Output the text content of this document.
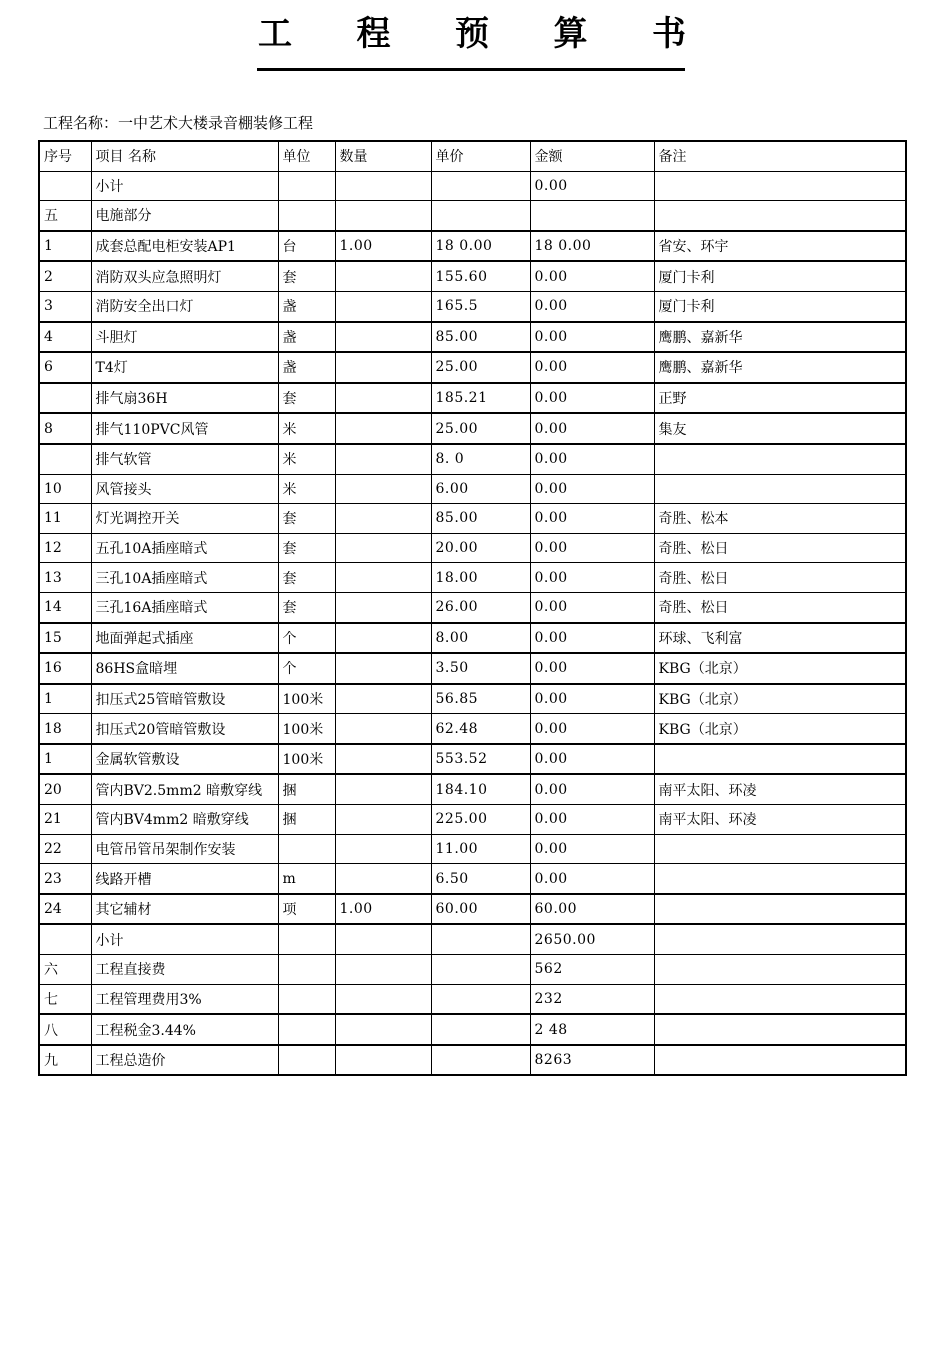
工 程 预 算 书
工程名称：一中艺术大楼录音棚装修工程
序号	项目 名称	单位	数量	单价	金额	备注
	小计				0.00	
五	电施部分					
1	成套总配电柜安装AP1	台	1.00	18 0.00	18 0.00	省安、环宇
2	消防双头应急照明灯	套		155.60	0.00	厦门卡利
3	消防安全出口灯	盏		165.5	0.00	厦门卡利
4	斗胆灯	盏		85.00	0.00	鹰鹏、嘉新华
6	T4灯	盏		25.00	0.00	鹰鹏、嘉新华
	排气扇36H	套		185.21	0.00	正野
8	排气110PVC风管	米		25.00	0.00	集友
	排气软管	米		8. 0	0.00	
10	风管接头	米		6.00	0.00	
11	灯光调控开关	套		85.00	0.00	奇胜、松本
12	五孔10A插座暗式	套		20.00	0.00	奇胜、松日
13	三孔10A插座暗式	套		18.00	0.00	奇胜、松日
14	三孔16A插座暗式	套		26.00	0.00	奇胜、松日
15	地面弹起式插座	个		8.00	0.00	环球、飞利富
16	86HS盒暗埋	个		3.50	0.00	KBG（北京）
1	扣压式25管暗管敷设	100米		56.85	0.00	KBG（北京）
18	扣压式20管暗管敷设	100米		62.48	0.00	KBG（北京）
1	金属软管敷设	100米		553.52	0.00	
20	管内BV2.5mm2 暗敷穿线	捆		184.10	0.00	南平太阳、环凌
21	管内BV4mm2 暗敷穿线	捆		225.00	0.00	南平太阳、环凌
22	电管吊管吊架制作安装			11.00	0.00	
23	线路开槽	m		6.50	0.00	
24	其它辅材	项	1.00	60.00	60.00	
	小计				2650.00	
六	工程直接费				562	
七	工程管理费用3%				232	
八	工程税金3.44%				2 48	
九	工程总造价				8263	
